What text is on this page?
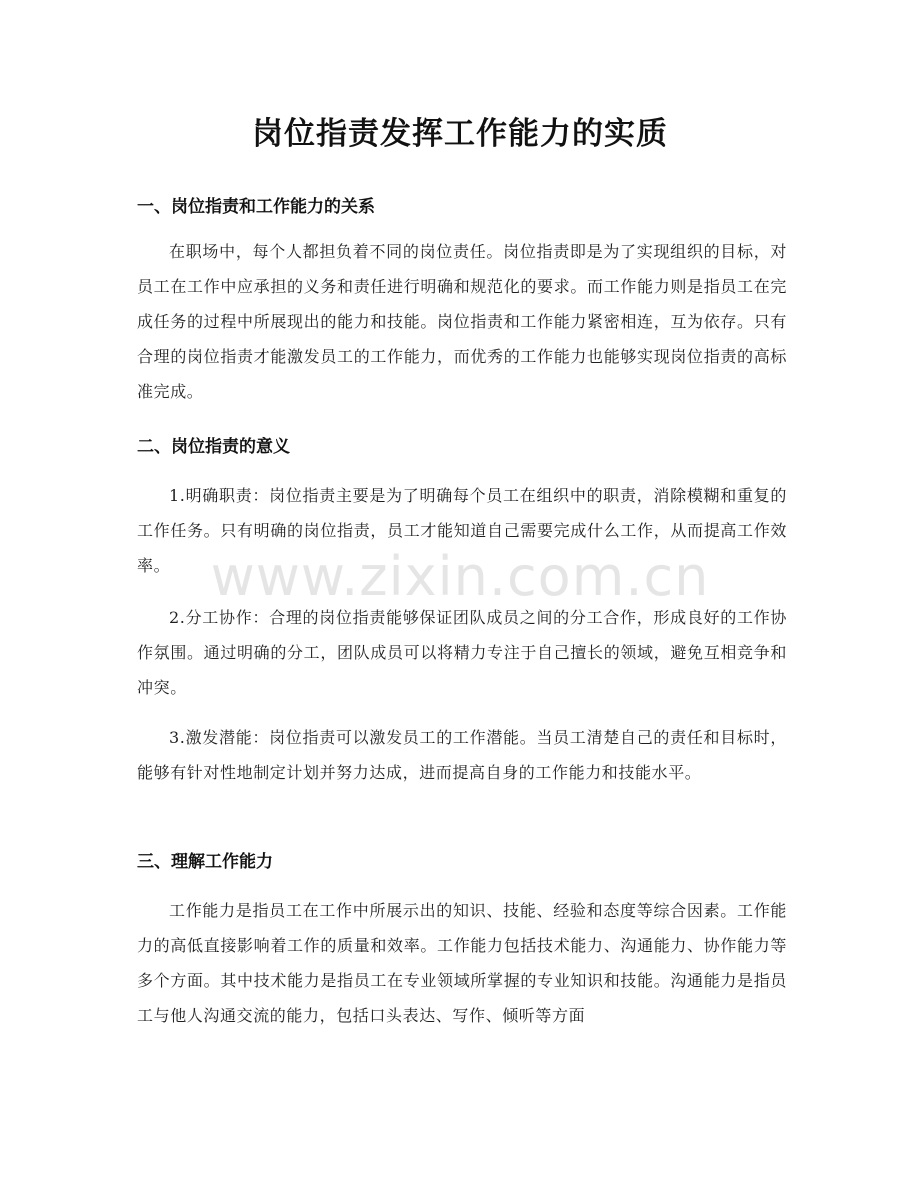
岗位指责发挥工作能力的实质
一、岗位指责和工作能力的关系

在职场中，每个人都担负着不同的岗位责任。岗位指责即是为了实现组织的目标，对员工在工作中应承担的义务和责任进行明确和规范化的要求。而工作能力则是指员工在完成任务的过程中所展现出的能力和技能。岗位指责和工作能力紧密相连，互为依存。只有合理的岗位指责才能激发员工的工作能力，而优秀的工作能力也能够实现岗位指责的高标准完成。

二、岗位指责的意义

1.明确职责：岗位指责主要是为了明确每个员工在组织中的职责，消除模糊和重复的工作任务。只有明确的岗位指责，员工才能知道自己需要完成什么工作，从而提高工作效率。

2.分工协作：合理的岗位指责能够保证团队成员之间的分工合作，形成良好的工作协作氛围。通过明确的分工，团队成员可以将精力专注于自己擅长的领域，避免互相竞争和冲突。

3.激发潜能：岗位指责可以激发员工的工作潜能。当员工清楚自己的责任和目标时，能够有针对性地制定计划并努力达成，进而提高自身的工作能力和技能水平。

三、理解工作能力

工作能力是指员工在工作中所展示出的知识、技能、经验和态度等综合因素。工作能力的高低直接影响着工作的质量和效率。工作能力包括技术能力、沟通能力、协作能力等多个方面。其中技术能力是指员工在专业领域所掌握的专业知识和技能。沟通能力是指员工与他人沟通交流的能力，包括口头表达、写作、倾听等方面

www.zixin.com.cn
